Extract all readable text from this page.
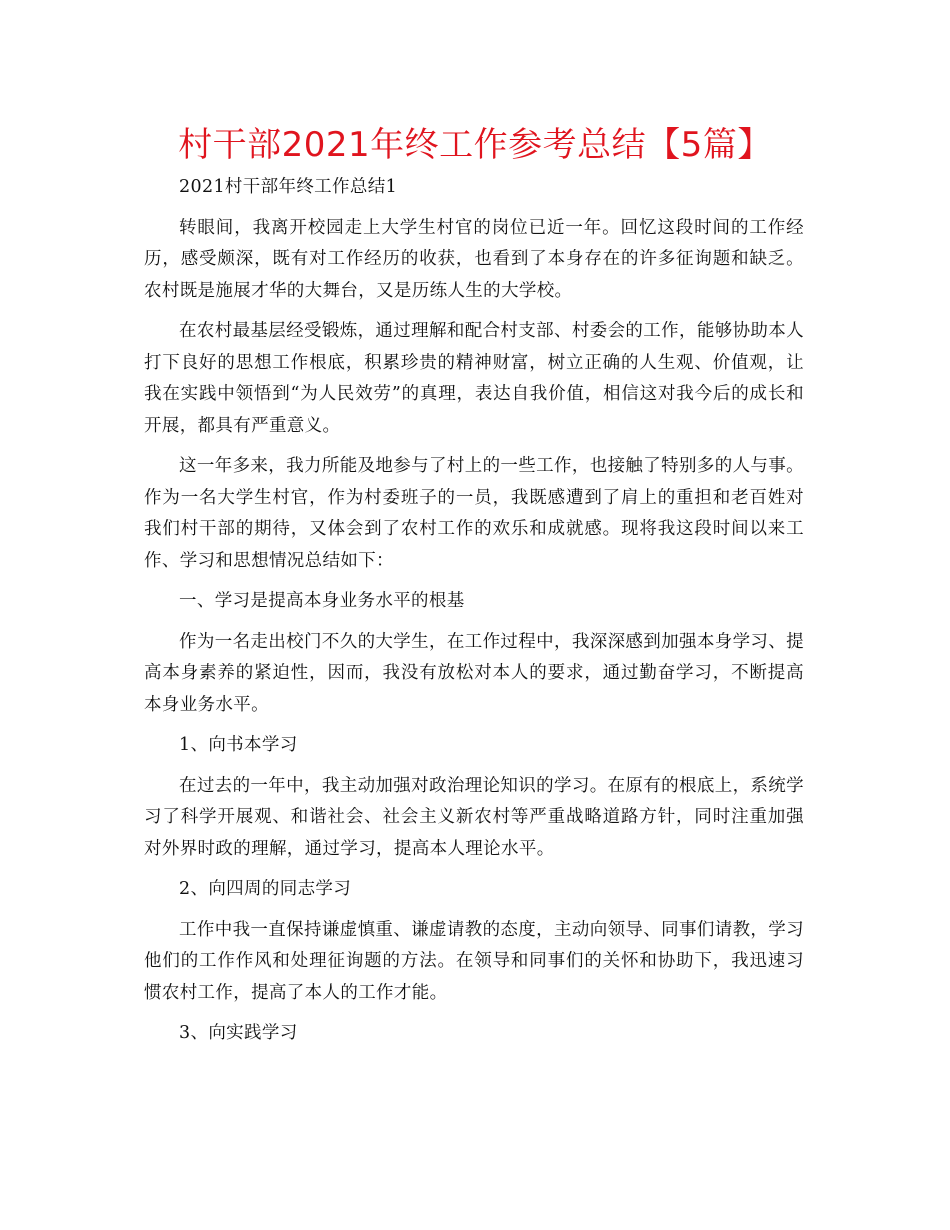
村干部2021年终工作参考总结【5篇】

2021村干部年终工作总结1

转眼间，我离开校园走上大学生村官的岗位已近一年。回忆这段时间的工作经历，感受颇深，既有对工作经历的收获，也看到了本身存在的许多征询题和缺乏。农村既是施展才华的大舞台，又是历练人生的大学校。

在农村最基层经受锻炼，通过理解和配合村支部、村委会的工作，能够协助本人打下良好的思想工作根底，积累珍贵的精神财富，树立正确的人生观、价值观，让我在实践中领悟到“为人民效劳”的真理，表达自我价值，相信这对我今后的成长和开展，都具有严重意义。

这一年多来，我力所能及地参与了村上的一些工作，也接触了特别多的人与事。作为一名大学生村官，作为村委班子的一员，我既感遭到了肩上的重担和老百姓对我们村干部的期待，又体会到了农村工作的欢乐和成就感。现将我这段时间以来工作、学习和思想情况总结如下：

一、学习是提高本身业务水平的根基

作为一名走出校门不久的大学生，在工作过程中，我深深感到加强本身学习、提高本身素养的紧迫性，因而，我没有放松对本人的要求，通过勤奋学习，不断提高本身业务水平。

1、向书本学习

在过去的一年中，我主动加强对政治理论知识的学习。在原有的根底上，系统学习了科学开展观、和谐社会、社会主义新农村等严重战略道路方针，同时注重加强对外界时政的理解，通过学习，提高本人理论水平。

2、向四周的同志学习

工作中我一直保持谦虚慎重、谦虚请教的态度，主动向领导、同事们请教，学习他们的工作作风和处理征询题的方法。在领导和同事们的关怀和协助下，我迅速习惯农村工作，提高了本人的工作才能。

3、向实践学习
